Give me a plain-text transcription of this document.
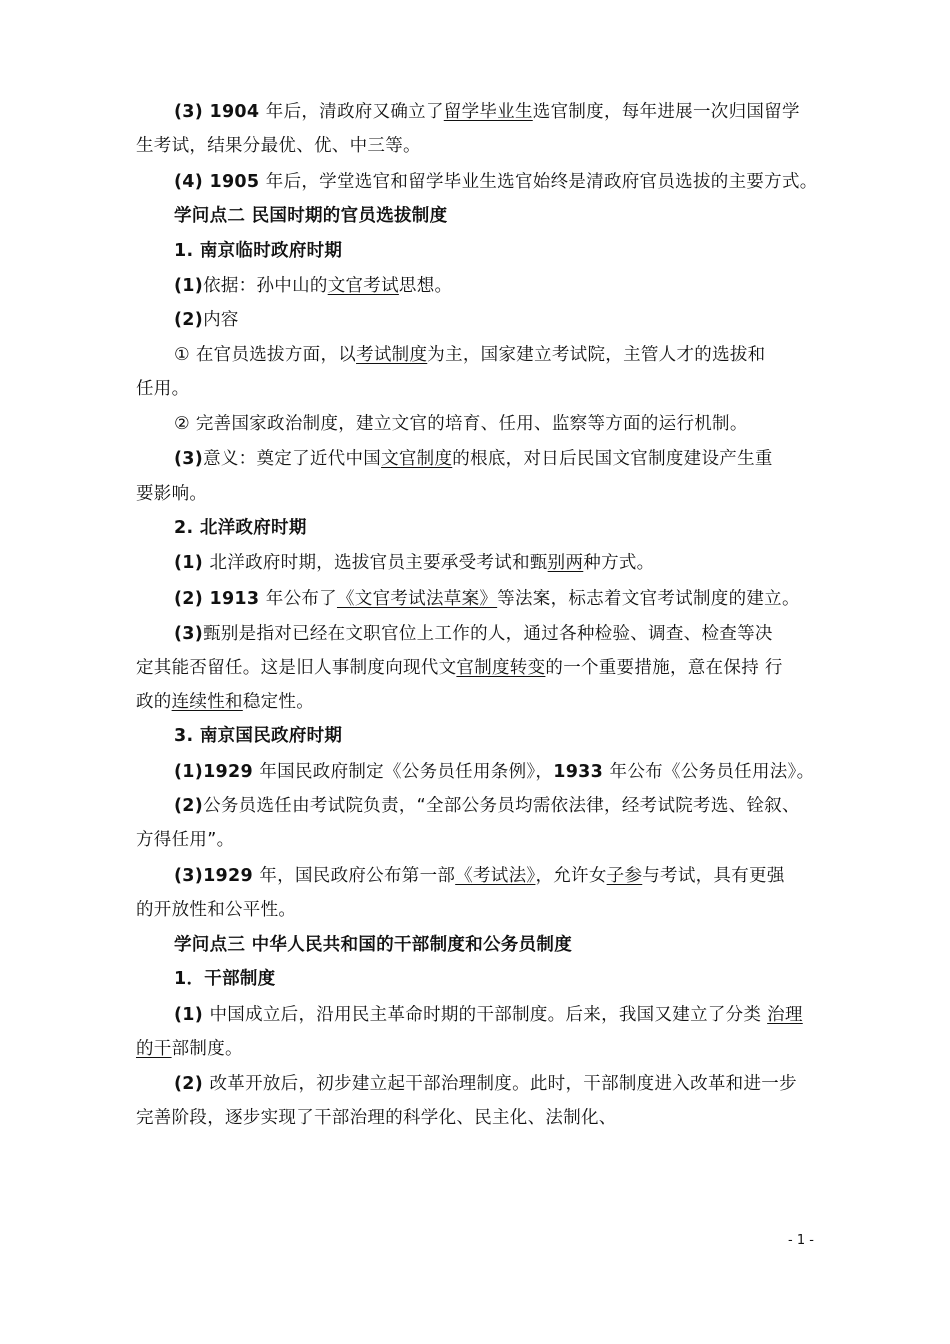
(3) 1904 年后，清政府又确立了留学毕业生选官制度，每年进展一次归国留学
生考试，结果分最优、优、中三等。
(4) 1905 年后，学堂选官和留学毕业生选官始终是清政府官员选拔的主要方式。
学问点二 民国时期的官员选拔制度
1. 南京临时政府时期
(1)依据：孙中山的文官考试思想。
(2)内容
① 在官员选拔方面，以考试制度为主，国家建立考试院，主管人才的选拔和
任用。
② 完善国家政治制度，建立文官的培育、任用、监察等方面的运行机制。
(3)意义：奠定了近代中国文官制度的根底，对日后民国文官制度建设产生重
要影响。
2. 北洋政府时期
(1) 北洋政府时期，选拔官员主要承受考试和甄别两种方式。
(2) 1913 年公布了《文官考试法草案》等法案，标志着文官考试制度的建立。
(3)甄别是指对已经在文职官位上工作的人，通过各种检验、调查、检查等决
定其能否留任。这是旧人事制度向现代文官制度转变的一个重要措施，意在保持 行
政的连续性和稳定性。
3. 南京国民政府时期
(1)1929 年国民政府制定《公务员任用条例》，1933 年公布《公务员任用法》。
(2)公务员选任由考试院负责，“全部公务员均需依法律，经考试院考选、铨叙、
方得任用”。
(3)1929 年，国民政府公布第一部《考试法》，允许女子参与考试，具有更强
的开放性和公平性。
学问点三 中华人民共和国的干部制度和公务员制度
1．干部制度
(1) 中国成立后，沿用民主革命时期的干部制度。后来，我国又建立了分类 治理
的干部制度。
(2) 改革开放后，初步建立起干部治理制度。此时，干部制度进入改革和进一步
完善阶段，逐步实现了干部治理的科学化、民主化、法制化、
- 1 -
